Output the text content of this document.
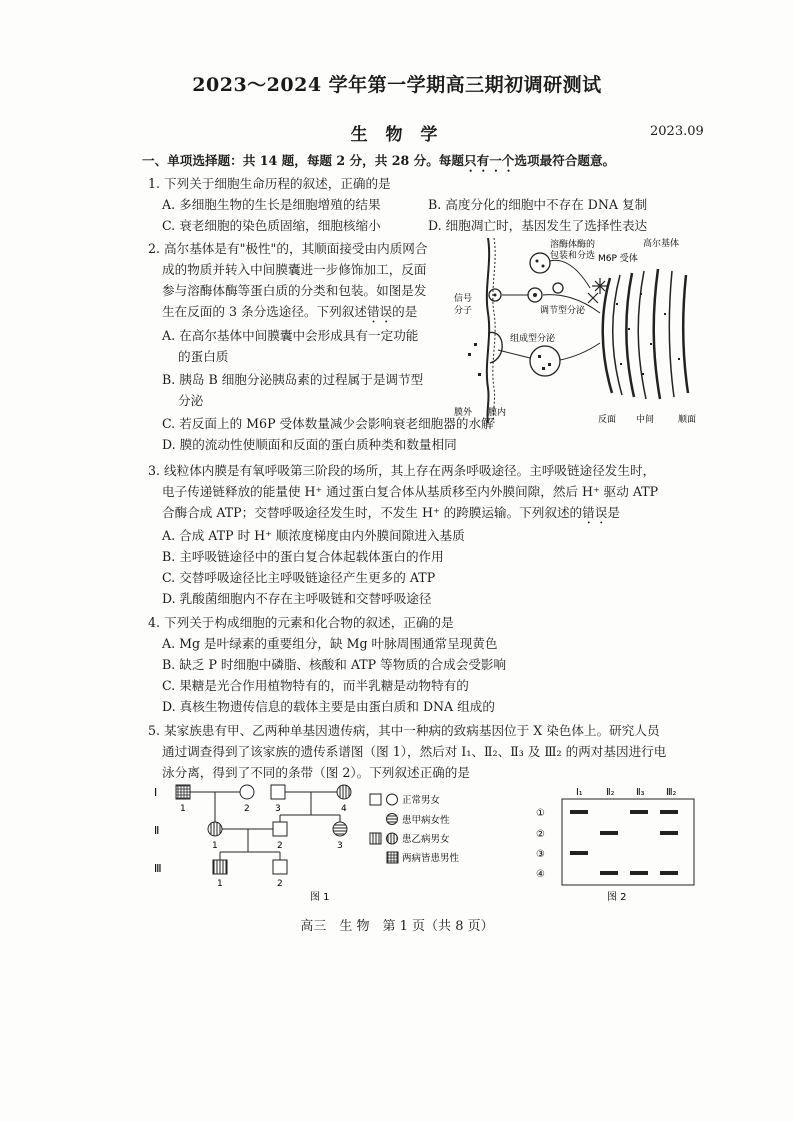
2023～2024 学年第一学期高三期初调研测试
生 物 学	2023.09
一、单项选择题：共 14 题，每题 2 分，共 28 分。每题只有一个选项最符合题意。
1. 下列关于细胞生命历程的叙述，正确的是
A. 多细胞生物的生长是细胞增殖的结果	B. 高度分化的细胞中不存在 DNA 复制
C. 衰老细胞的染色质固缩，细胞核缩小	D. 细胞凋亡时，基因发生了选择性表达
2. 高尔基体是有"极性"的，其顺面接受由内质网合
成的物质并转入中间膜囊进一步修饰加工，反面
参与溶酶体酶等蛋白质的分类和包装。如图是发
生在反面的 3 条分选途径。下列叙述错误的是
A. 在高尔基体中间膜囊中会形成具有一定功能
的蛋白质
B. 胰岛 B 细胞分泌胰岛素的过程属于是调节型
分泌
C. 若反面上的 M6P 受体数量减少会影响衰老细胞器的水解
D. 膜的流动性使顺面和反面的蛋白质种类和数量相同
溶酶体酶的
包装和分选 M6P 受体
高尔基体
信号
分子	调节型分泌
组成型分泌
膜外 膜内
反面 中间	顺面
3. 线粒体内膜是有氧呼吸第三阶段的场所，其上存在两条呼吸途径。主呼吸链途径发生时，
电子传递链释放的能量使 H⁺ 通过蛋白复合体从基质移至内外膜间隙，然后 H⁺ 驱动 ATP
合酶合成 ATP；交替呼吸途径发生时，不发生 H⁺ 的跨膜运输。下列叙述的错误是
A. 合成 ATP 时 H⁺ 顺浓度梯度由内外膜间隙进入基质
B. 主呼吸链途径中的蛋白复合体起载体蛋白的作用
C. 交替呼吸途径比主呼吸链途径产生更多的 ATP
D. 乳酸菌细胞内不存在主呼吸链和交替呼吸途径
4. 下列关于构成细胞的元素和化合物的叙述，正确的是
A. Mg 是叶绿素的重要组分，缺 Mg 叶脉周围通常呈现黄色
B. 缺乏 P 时细胞中磷脂、核酸和 ATP 等物质的合成会受影响
C. 果糖是光合作用植物特有的，而半乳糖是动物特有的
D. 真核生物遗传信息的载体主要是由蛋白质和 DNA 组成的
5. 某家族患有甲、乙两种单基因遗传病，其中一种病的致病基因位于 X 染色体上。研究人员
通过调查得到了该家族的遗传系谱图（图 1），然后对 Ⅰ₁、Ⅱ₂、Ⅱ₃ 及 Ⅲ₂ 的两对基因进行电
泳分离，得到了不同的条带（图 2）。下列叙述正确的是
Ⅰ
Ⅱ
Ⅲ
1	2	3	4
1	2	3
1	2
正常男女
患甲病女性
患乙病男女
两病皆患男性
图 1
Ⅰ₁ Ⅱ₂ Ⅱ₃ Ⅲ₂
①
②
③
④
图 2
高三　生 物　第 1 页（共 8 页）
